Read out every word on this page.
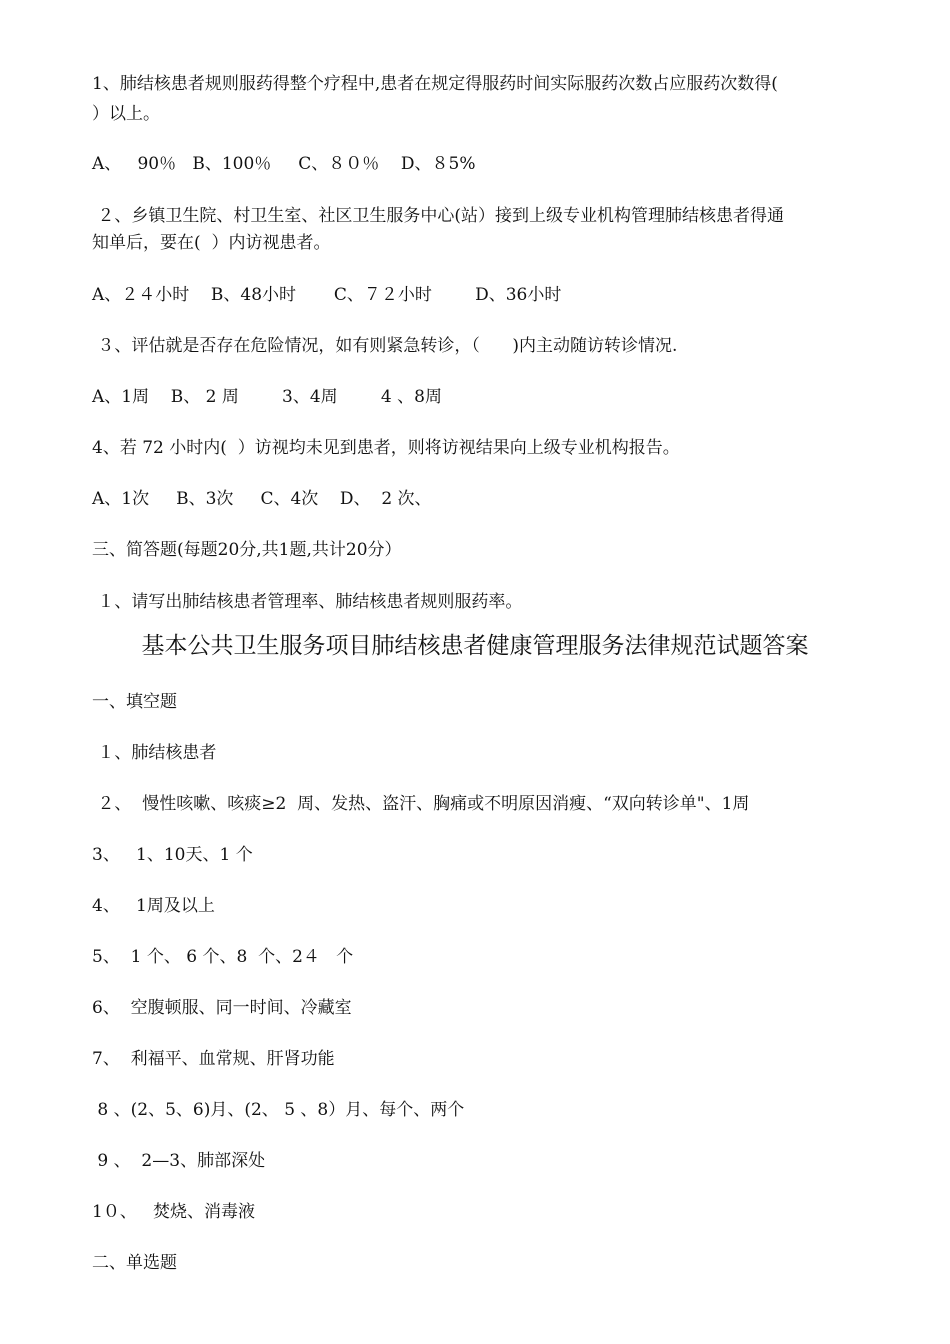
1、肺结核患者规则服药得整个疗程中,患者在规定得服药时间实际服药次数占应服药次数得(
）以上。
A、   90％   B、100％     C、８０％    D、８5%
２、乡镇卫生院、村卫生室、社区卫生服务中心(站）接到上级专业机构管理肺结核患者得通
知单后，要在(  ）内访视患者。
A、２４小时    B、48小时       C、７２小时        D、36小时
３、评估就是否存在危险情况，如有则紧急转诊，（      )内主动随访转诊情况.
A、1周    B、 2 周        3、4周        4 、8周
4、若 72 小时内(  ）访视均未见到患者，则将访视结果向上级专业机构报告。
A、1次     B、3次     C、4次    D、  2 次、
三、简答题(每题20分,共1题,共计20分）
１、请写出肺结核患者管理率、肺结核患者规则服药率。
基本公共卫生服务项目肺结核患者健康管理服务法律规范试题答案
一、填空题
１、肺结核患者
２、  慢性咳嗽、咳痰≥2  周、发热、盗汗、胸痛或不明原因消瘦、“双向转诊单"、1周
3、   1、10天、1 个
4、   1周及以上
5、  1 个、 6 个、8  个、2４   个
6、  空腹顿服、同一时间、冷藏室
7、  利福平、血常规、肝肾功能
8 、(2、5、6)月、(2、 5 、8）月、每个、两个
9 、  2—3、肺部深处
1０、   焚烧、消毒液
二、单选题
